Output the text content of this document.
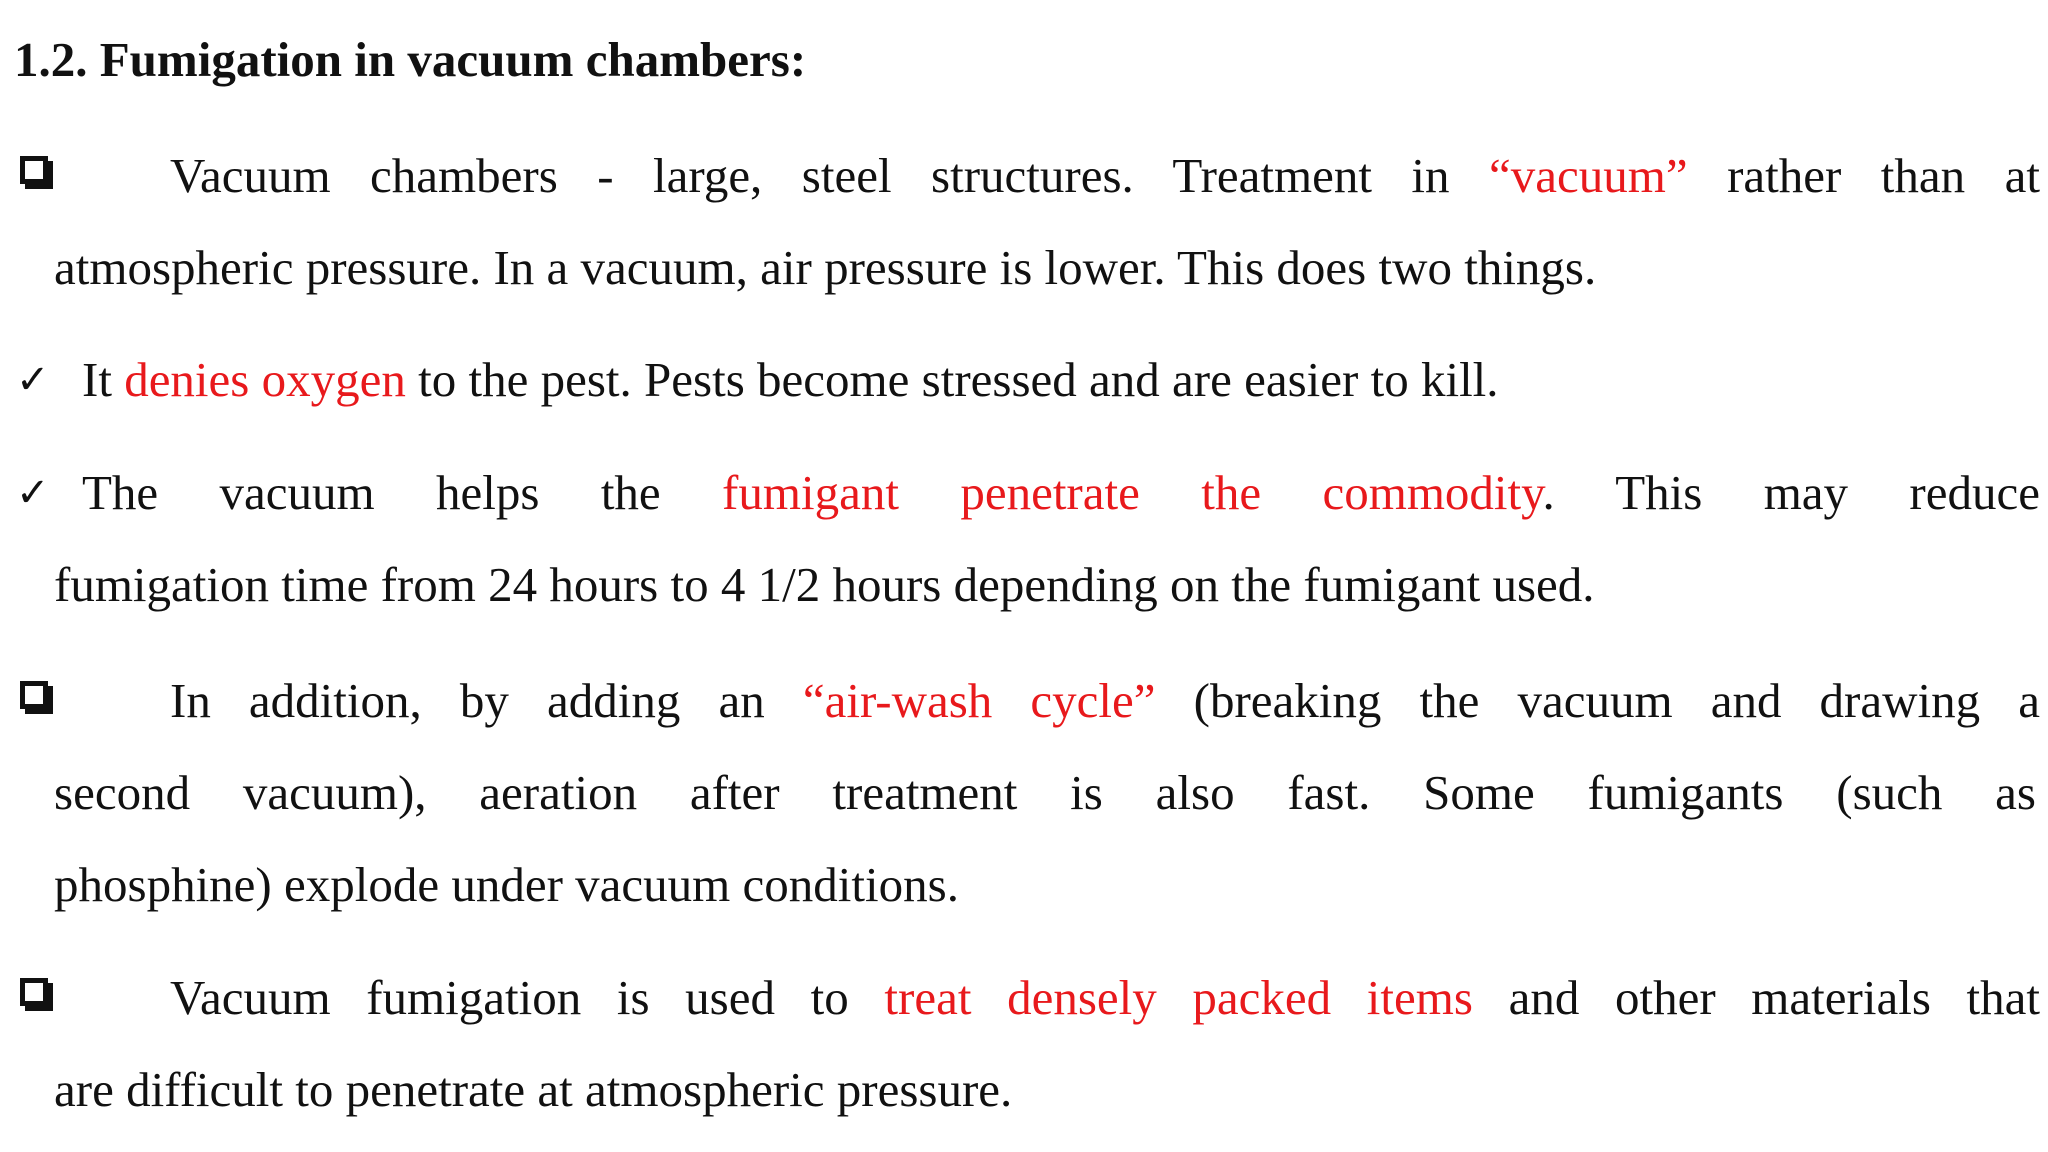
1.2. Fumigation in vacuum chambers:
Vacuum chambers - large, steel structures. Treatment in “vacuum” rather than at
atmospheric pressure. In a vacuum, air pressure is lower. This does two things.
✓ It denies oxygen to the pest. Pests become stressed and are easier to kill.
✓ The vacuum helps the fumigant penetrate the commodity. This may reduce
fumigation time from 24 hours to 4 1/2 hours depending on the fumigant used.
In addition, by adding an “air-wash cycle” (breaking the vacuum and drawing a
second vacuum), aeration after treatment is also fast. Some fumigants (such as
phosphine) explode under vacuum conditions.
Vacuum fumigation is used to treat densely packed items and other materials that
are difficult to penetrate at atmospheric pressure.
